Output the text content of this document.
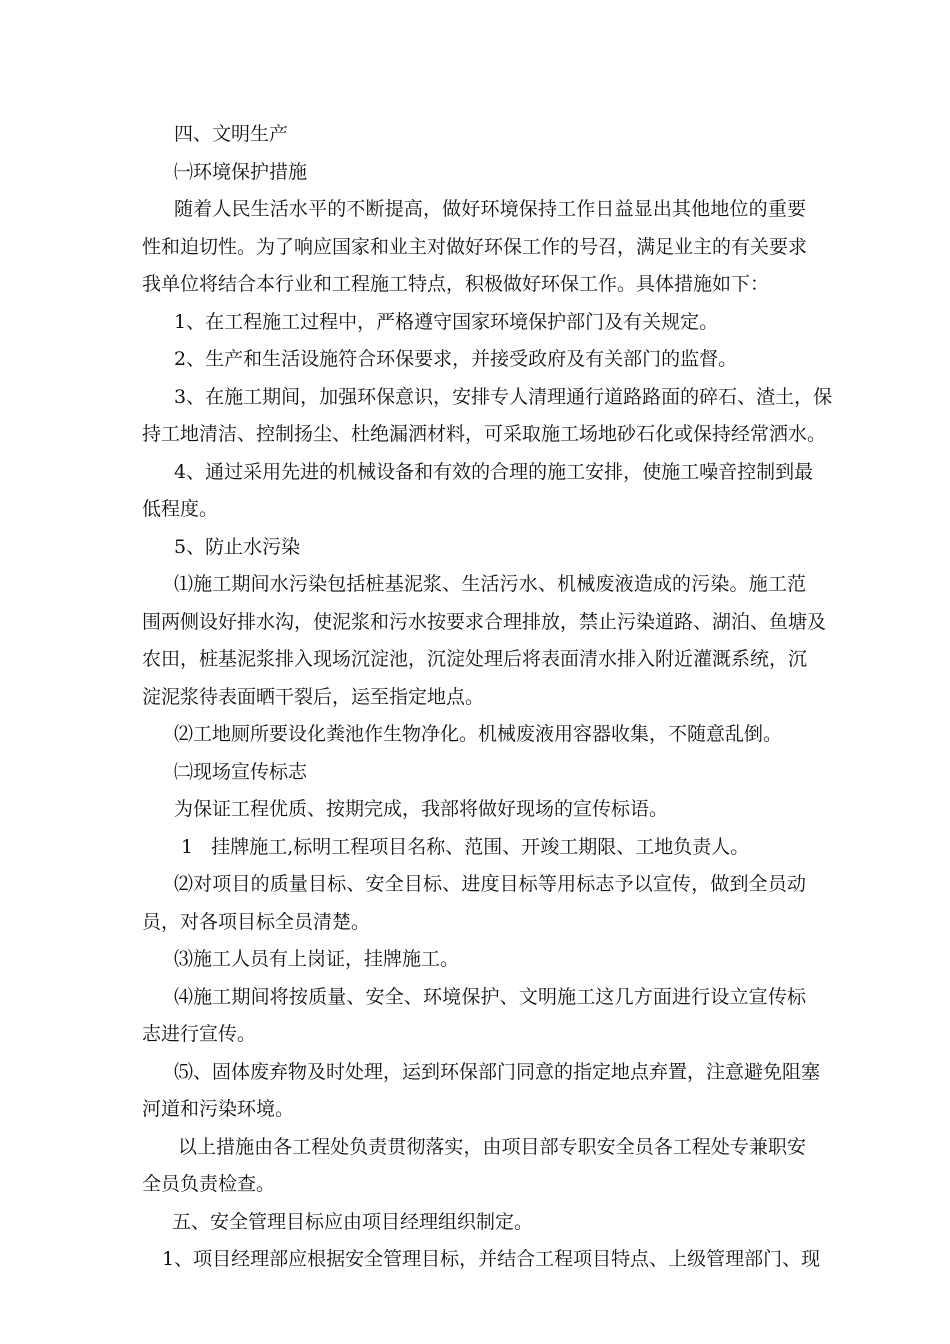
四、文明生产
㈠环境保护措施
随着人民生活水平的不断提高，做好环境保持工作日益显出其他地位的重要
性和迫切性。为了响应国家和业主对做好环保工作的号召，满足业主的有关要求
我单位将结合本行业和工程施工特点，积极做好环保工作。具体措施如下：
1、在工程施工过程中，严格遵守国家环境保护部门及有关规定。
2、生产和生活设施符合环保要求，并接受政府及有关部门的监督。
3、在施工期间，加强环保意识，安排专人清理通行道路路面的碎石、渣土，保
持工地清洁、控制扬尘、杜绝漏洒材料，可采取施工场地砂石化或保持经常洒水。
4、通过采用先进的机械设备和有效的合理的施工安排，使施工噪音控制到最
低程度。
5、防止水污染
⑴施工期间水污染包括桩基泥浆、生活污水、机械废液造成的污染。施工范
围两侧设好排水沟，使泥浆和污水按要求合理排放，禁止污染道路、湖泊、鱼塘及
农田，桩基泥浆排入现场沉淀池，沉淀处理后将表面清水排入附近灌溉系统，沉
淀泥浆待表面晒干裂后，运至指定地点。
⑵工地厕所要设化粪池作生物净化。机械废液用容器收集，不随意乱倒。
㈡现场宣传标志
为保证工程优质、按期完成，我部将做好现场的宣传标语。
1   挂牌施工,标明工程项目名称、范围、开竣工期限、工地负责人。
⑵对项目的质量目标、安全目标、进度目标等用标志予以宣传，做到全员动
员，对各项目标全员清楚。
⑶施工人员有上岗证，挂牌施工。
⑷施工期间将按质量、安全、环境保护、文明施工这几方面进行设立宣传标
志进行宣传。
⑸、固体废弃物及时处理，运到环保部门同意的指定地点弃置，注意避免阻塞
河道和污染环境。
以上措施由各工程处负责贯彻落实，由项目部专职安全员各工程处专兼职安
全员负责检查。
五、安全管理目标应由项目经理组织制定。
1、项目经理部应根据安全管理目标，并结合工程项目特点、上级管理部门、现
